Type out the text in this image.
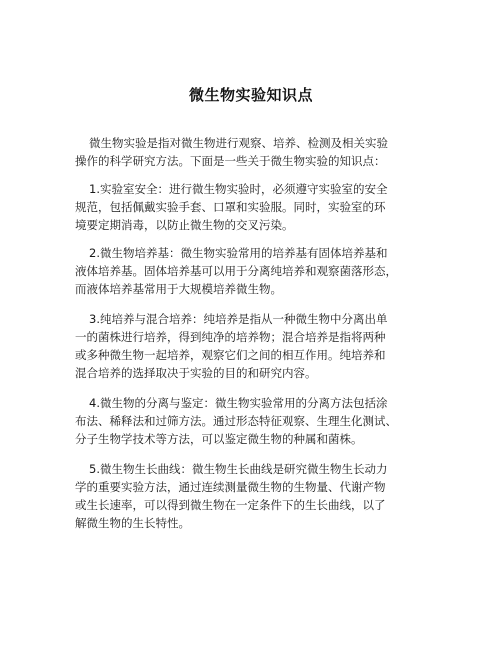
微生物实验知识点
微生物实验是指对微生物进行观察、培养、检测及相关实验
操作的科学研究方法。下面是一些关于微生物实验的知识点：
1.实验室安全：进行微生物实验时，必须遵守实验室的安全
规范，包括佩戴实验手套、口罩和实验服。同时，实验室的环
境要定期消毒，以防止微生物的交叉污染。
2.微生物培养基：微生物实验常用的培养基有固体培养基和
液体培养基。固体培养基可以用于分离纯培养和观察菌落形态，
而液体培养基常用于大规模培养微生物。
3.纯培养与混合培养：纯培养是指从一种微生物中分离出单
一的菌株进行培养，得到纯净的培养物；混合培养是指将两种
或多种微生物一起培养，观察它们之间的相互作用。纯培养和
混合培养的选择取决于实验的目的和研究内容。
4.微生物的分离与鉴定：微生物实验常用的分离方法包括涂
布法、稀释法和过筛方法。通过形态特征观察、生理生化测试、
分子生物学技术等方法，可以鉴定微生物的种属和菌株。
5.微生物生长曲线：微生物生长曲线是研究微生物生长动力
学的重要实验方法，通过连续测量微生物的生物量、代谢产物
或生长速率，可以得到微生物在一定条件下的生长曲线，以了
解微生物的生长特性。
